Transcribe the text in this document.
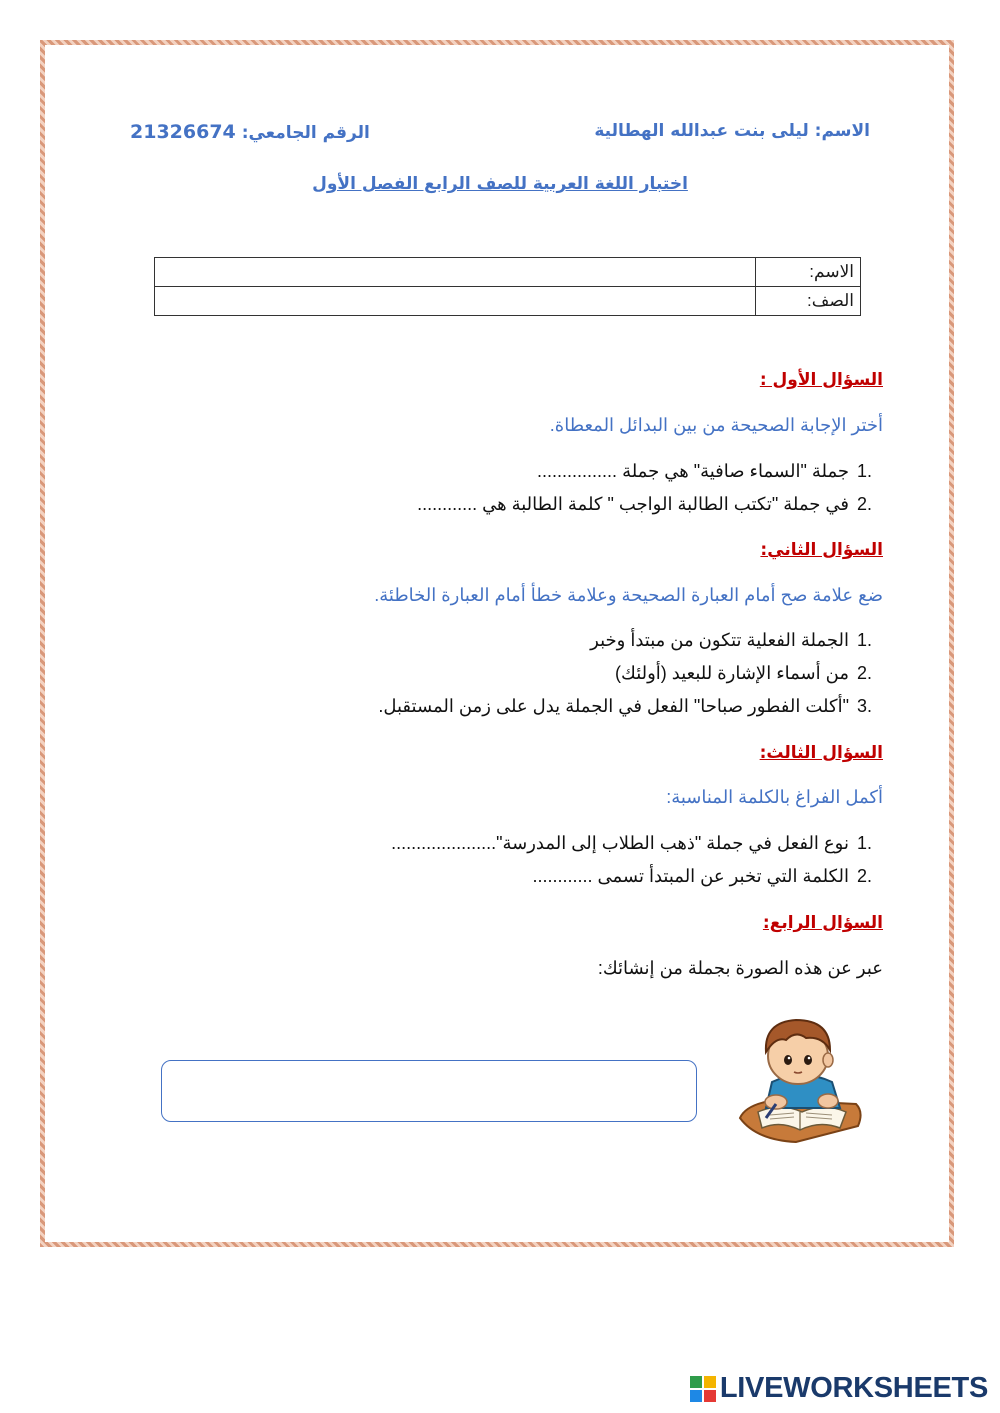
الاسم: ليلى بنت عبدالله الهطالية
الرقم الجامعي: 21326674
اختبار اللغة العربية للصف الرابع الفصل الأول
الاسم:	
الصف:	
السؤال الأول :
أختر الإجابة الصحيحة من بين البدائل المعطاة.
1.
جملة "السماء صافية" هي جملة ................
2.
في جملة "تكتب الطالبة الواجب " كلمة الطالبة هي ............
السؤال الثاني:
ضع علامة صح أمام العبارة الصحيحة وعلامة خطأ أمام العبارة الخاطئة.
1.
الجملة الفعلية تتكون من مبتدأ وخبر
2.
من أسماء الإشارة للبعيد (أولئك)
3.
"أكلت الفطور صباحا" الفعل في الجملة يدل على زمن المستقبل.
السؤال الثالث:
أكمل الفراغ بالكلمة المناسبة:
1.
نوع الفعل في جملة "ذهب الطلاب إلى المدرسة".....................
2.
الكلمة التي تخبر عن المبتدأ تسمى ............
السؤال الرابع:
عبر عن هذه الصورة بجملة من إنشائك:
LIVEWORKSHEETS
